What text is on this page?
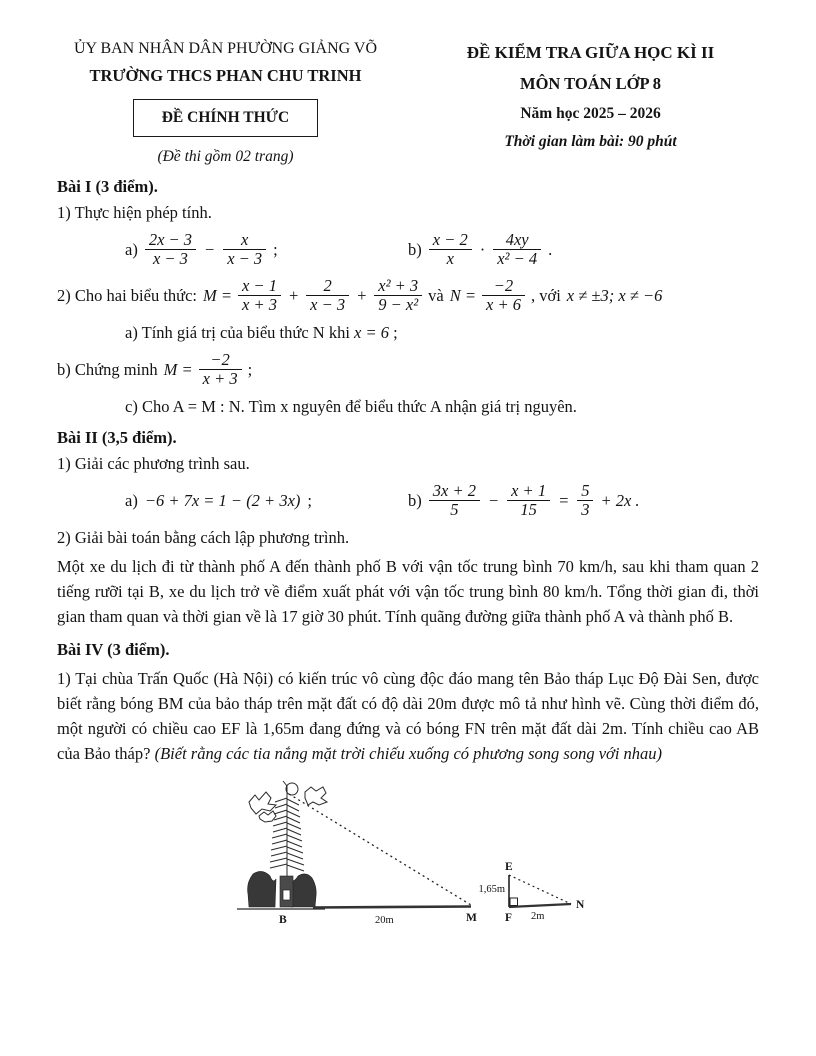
ỦY BAN NHÂN DÂN PHƯỜNG GIẢNG VÕ
TRƯỜNG THCS PHAN CHU TRINH
ĐỀ CHÍNH THỨC
(Đề thi gồm 02 trang)
ĐỀ KIỂM TRA GIỮA HỌC KÌ II
MÔN TOÁN LỚP 8
Năm học 2025 – 2026
Thời gian làm bài: 90 phút
Bài I (3 điểm).
1) Thực hiện phép tính.
$a) \frac{2x - 3}{x - 3} - \frac{x}{x - 3}$ ;	$b) \frac{x - 2}{x} \cdot \frac{4xy}{\text{x² − 4}}$ .
2) Cho hai biểu thức: $M = \frac{x - 1}{x + 3} + \frac{2}{x - 3} + \frac{\text{x² + 3}}{\text{9 − x²}}$ và $N = \frac{-2}{x + 6}$ , với x ≠ ±3; x ≠ −6
a) Tính giá trị của biểu thức N khi x = 6 ;
b) Chứng minh $M = \frac{-2}{x + 3}$ ;
c) Cho A = M : N. Tìm x nguyên để biểu thức A nhận giá trị nguyên.
Bài II (3,5 điểm).
1) Giải các phương trình sau.
a) −6 + 7x = 1 − (2 + 3x) ;	$b) \frac{3x + 2}{5} - \frac{x + 1}{15} = \frac{5}{3} + 2x$ .
2) Giải bài toán bằng cách lập phương trình.

Một xe du lịch đi từ thành phố A đến thành phố B với vận tốc trung bình 70 km/h, sau khi tham quan 2 tiếng rưỡi tại B, xe du lịch trở về điểm xuất phát với vận tốc trung bình 80 km/h. Tổng thời gian đi, thời gian tham quan và thời gian về là 17 giờ 30 phút. Tính quãng đường giữa thành phố A và thành phố B.

Bài IV (3 điểm).

1) Tại chùa Trấn Quốc (Hà Nội) có kiến trúc vô cùng độc đáo mang tên Bảo tháp Lục Độ Đài Sen, được biết rằng bóng BM của bảo tháp trên mặt đất có độ dài 20m được mô tả như hình vẽ. Cùng thời điểm đó, một người có chiều cao EF là 1,65m đang đứng và có bóng FN trên mặt đất dài 2m. Tính chiều cao AB của Bảo tháp? (Biết rằng các tia nắng mặt trời chiếu xuống có phương song song với nhau)

B	20m	M
E
1,65m
F 2m
N
